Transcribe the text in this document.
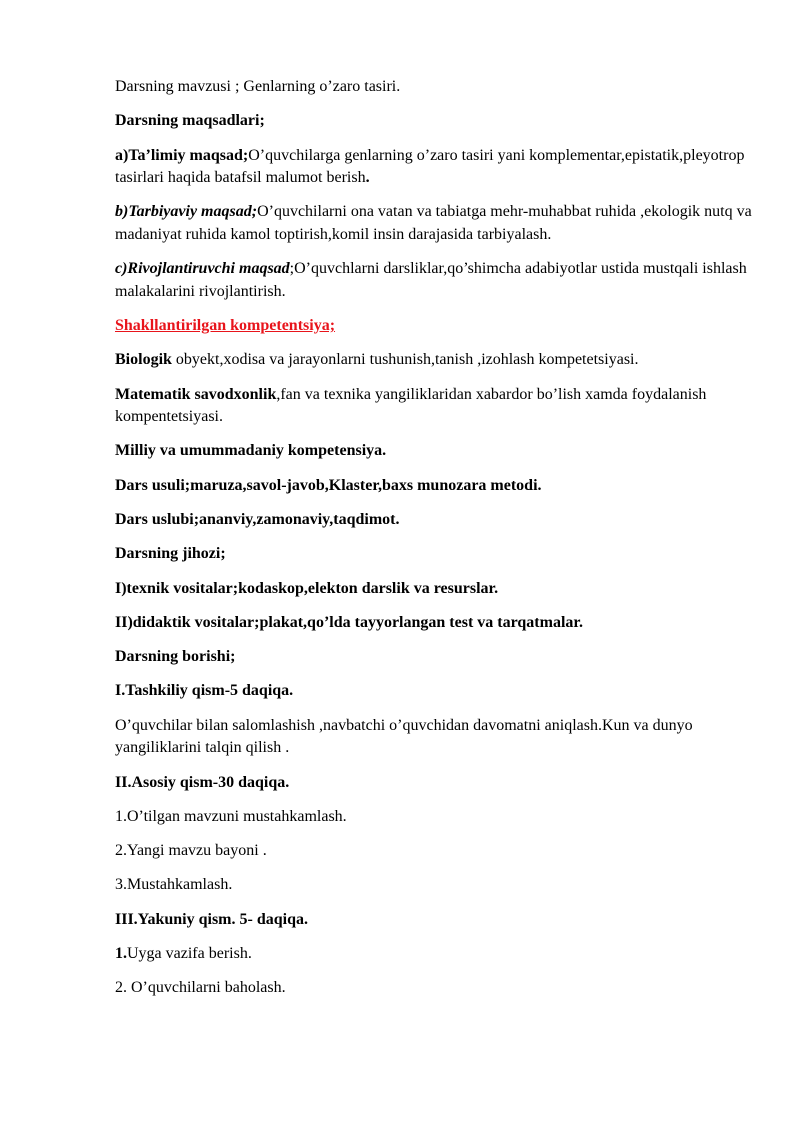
Darsning mavzusi ; Genlarning o’zaro tasiri.

Darsning maqsadlari;

a)Ta’limiy maqsad;O’quvchilarga genlarning o’zaro tasiri yani komplementar,epistatik,pleyotrop tasirlari haqida batafsil malumot berish.

b)Tarbiyaviy maqsad;O’quvchilarni ona vatan va tabiatga mehr-muhabbat ruhida ,ekologik nutq va madaniyat ruhida kamol toptirish,komil insin darajasida tarbiyalash.

c)Rivojlantiruvchi maqsad;O’quvchlarni darsliklar,qo’shimcha adabiyotlar ustida mustqali ishlash malakalarini rivojlantirish.

Shakllantirilgan kompetentsiya;

Biologik obyekt,xodisa va jarayonlarni tushunish,tanish ,izohlash kompetetsiyasi.

Matematik savodxonlik,fan va texnika yangiliklaridan xabardor bo’lish xamda foydalanish kompentetsiyasi.

Milliy va umummadaniy kompetensiya.

Dars usuli;maruza,savol-javob,Klaster,baxs munozara metodi.

Dars uslubi;ananviy,zamonaviy,taqdimot.

Darsning jihozi;

I)texnik vositalar;kodaskop,elekton darslik va resurslar.

II)didaktik vositalar;plakat,qo’lda tayyorlangan test va tarqatmalar.

Darsning borishi;

I.Tashkiliy qism-5 daqiqa.

O’quvchilar bilan salomlashish ,navbatchi o’quvchidan davomatni aniqlash.Kun va dunyo yangiliklarini talqin qilish .

II.Asosiy qism-30 daqiqa.

1.O’tilgan mavzuni mustahkamlash.

2.Yangi mavzu bayoni .

3.Mustahkamlash.

III.Yakuniy qism. 5- daqiqa.

1.Uyga vazifa berish.

2. O’quvchilarni baholash.
